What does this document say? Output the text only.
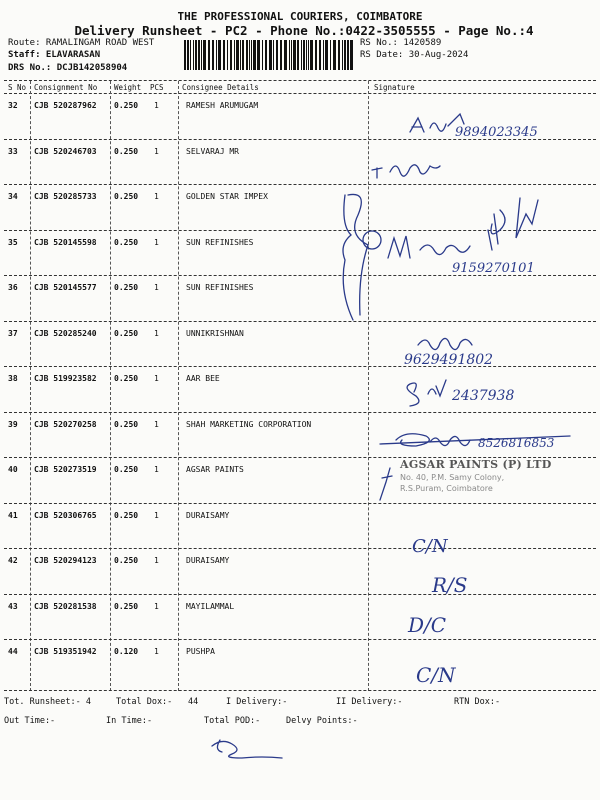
THE PROFESSIONAL COURIERS, COIMBATORE
Delivery Runsheet - PC2 - Phone No.:0422-3505555 - Page No.:4
Route: RAMALINGAM ROAD WEST
Staff: ELAVARASAN
DRS No.: DCJB142058904
RS No.: 1420589
RS Date: 30-Aug-2024
S No Consignment No Weight PCS Consignee Details	Signature
32 CJB 520287962 0.250 1	RAMESH ARUMUGAM
33 CJB 520246703 0.250 1	SELVARAJ MR
34 CJB 520285733 0.250 1	GOLDEN STAR IMPEX
35 CJB 520145598 0.250 1	SUN REFINISHES
36 CJB 520145577 0.250 1	SUN REFINISHES
37 CJB 520285240 0.250 1	UNNIKRISHNAN
38 CJB 519923582 0.250 1	AAR BEE
39 CJB 520270258 0.250 1	SHAH MARKETING CORPORATION
40 CJB 520273519 0.250 1	AGSAR PAINTS
41 CJB 520306765 0.250 1	DURAISAMY
42 CJB 520294123 0.250 1	DURAISAMY
43 CJB 520281538 0.250 1	MAYILAMMAL
44 CJB 519351942 0.120 1	PUSHPA
9894023345
9159270101
9629491802
2437938
8526816853
C/N
R/S
D/C
C/N
AGSAR PAINTS (P) LTD
No. 40, P.M. Samy Colony,
R.S.Puram, Coimbatore
Tot. Runsheet:- 4	Total Dox:- 44	I Delivery:-	II Delivery:-	RTN Dox:-
Out Time:-	In Time:-	Total POD:-	Delvy Points:-
